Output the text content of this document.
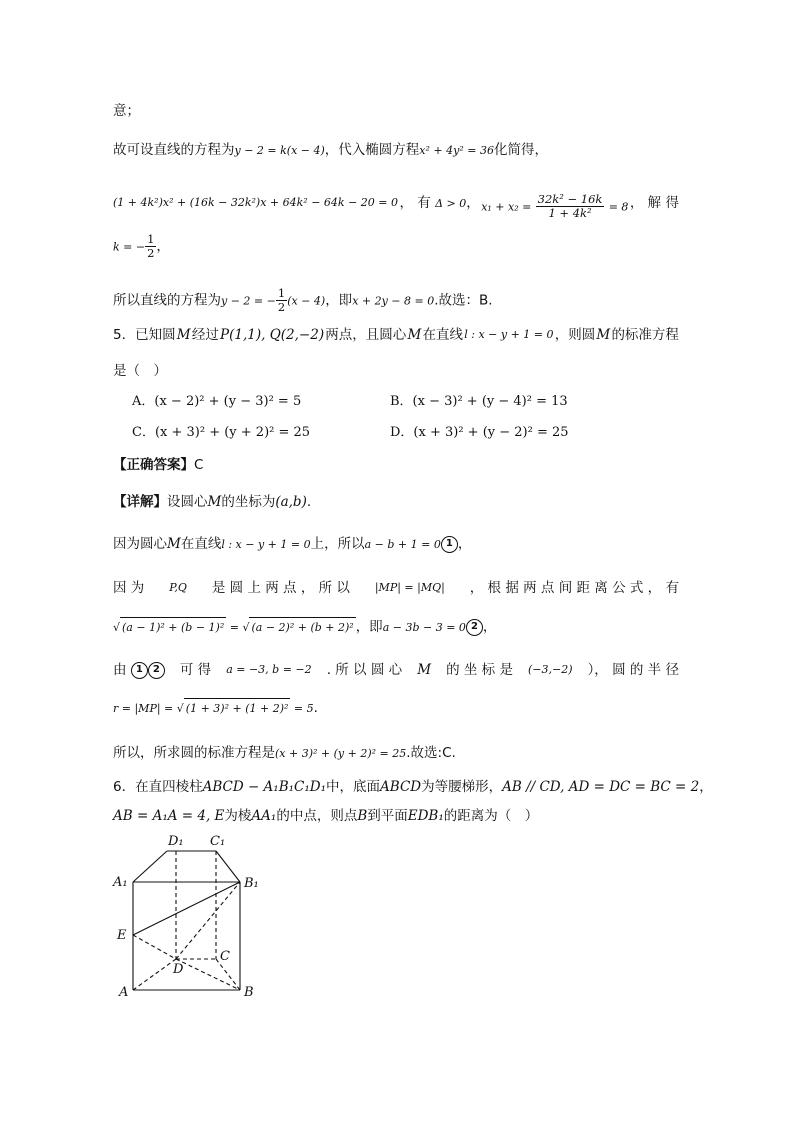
意；
故可设直线的方程为y − 2 = k(x − 4)，代入椭圆方程x² + 4y² = 36化简得，
(1 + 4k²)x² + (16k − 32k²)x + 64k² − 64k − 20 = 0 ， 有 Δ > 0， $x_1 + x_2 = \frac{\text{32k² − 16k}}{\text{1 + 4k²}} = 8$ ， 解 得
k = − $\frac{1}{2}$ ，
所以直线的方程为y − 2 = − $\frac{1}{2} (x - 4)$，即x + 2y − 8 = 0.故选：B.
5．已知圆 M 经过 P(1,1), Q(2,−2) 两点，且圆心 M 在直线 l : x − y + 1 = 0 ，则圆 M 的标准方程
是（　）
A．(x − 2)² + (y − 3)² = 5	B．(x − 3)² + (y − 4)² = 13
C．(x + 3)² + (y + 2)² = 25	D．(x + 3)² + (y − 2)² = 25
【正确答案】C
【详解】设圆心M的坐标为(a,b).
因为圆心M在直线l : x − y + 1 = 0上，所以a − b + 1 = 0 1 ，
因 为 P,Q 是 圆 上 两 点 ， 所 以 |MP| = |MQ| ， 根 据 两 点 间 距 离 公 式 ， 有
√ (a − 1)² + (b − 1)² = √ (a − 2)² + (b + 2)² ，即a − 3b − 3 = 0 2 ，
由 1 2	可 得 a = −3, b = −2 . 所 以 圆 心 M 的 坐 标 是 (−3,−2) ）， 圆 的 半 径
r = |MP| = √ (1 + 3)² + (1 + 2)² = 5.
所以，所求圆的标准方程是(x + 3)² + (y + 2)² = 25.故选:C.
6．在直四棱柱ABCD − A₁B₁C₁D₁中，底面ABCD为等腰梯形，AB // CD, AD = DC = BC = 2，
AB = A₁A = 4, E为棱AA₁的中点，则点B到平面EDB₁的距离为（　）
D₁ C₁
A₁	B₁
E
D
C
A	B
